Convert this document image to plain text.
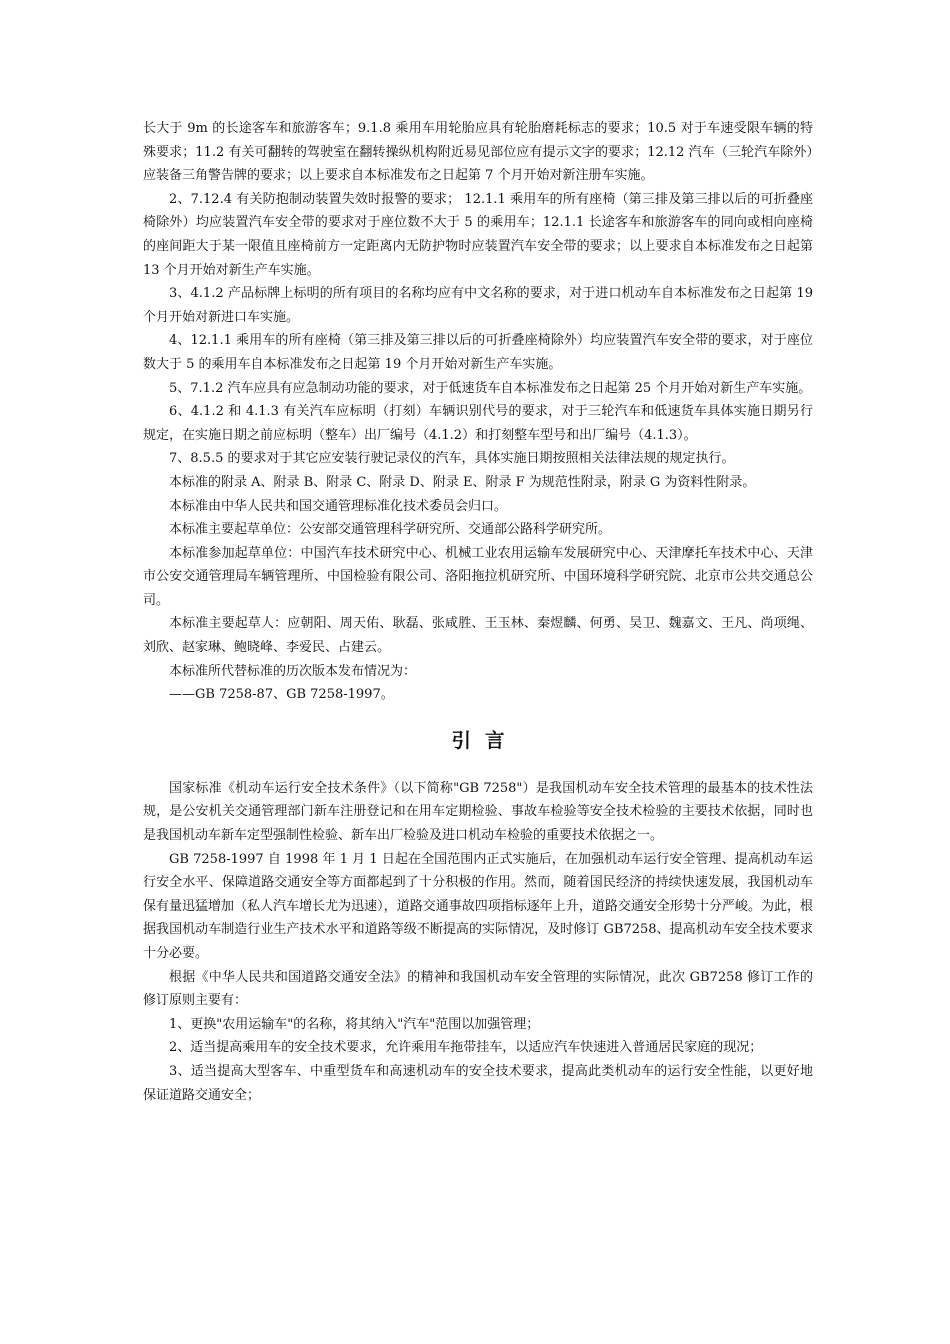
长大于 9m 的长途客车和旅游客车；9.1.8 乘用车用轮胎应具有轮胎磨耗标志的要求；10.5 对于车速受限车辆的特殊要求；11.2 有关可翻转的驾驶室在翻转操纵机构附近易见部位应有提示文字的要求；12.12 汽车（三轮汽车除外）应装备三角警告牌的要求；以上要求自本标准发布之日起第 7 个月开始对新注册车实施。

2、7.12.4 有关防抱制动装置失效时报警的要求； 12.1.1 乘用车的所有座椅（第三排及第三排以后的可折叠座椅除外）均应装置汽车安全带的要求对于座位数不大于 5 的乘用车；12.1.1 长途客车和旅游客车的同向或相向座椅的座间距大于某一限值且座椅前方一定距离内无防护物时应装置汽车安全带的要求；以上要求自本标准发布之日起第 13 个月开始对新生产车实施。

3、4.1.2 产品标牌上标明的所有项目的名称均应有中文名称的要求，对于进口机动车自本标准发布之日起第 19 个月开始对新进口车实施。

4、12.1.1 乘用车的所有座椅（第三排及第三排以后的可折叠座椅除外）均应装置汽车安全带的要求，对于座位数大于 5 的乘用车自本标准发布之日起第 19 个月开始对新生产车实施。

5、7.1.2 汽车应具有应急制动功能的要求，对于低速货车自本标准发布之日起第 25 个月开始对新生产车实施。

6、4.1.2 和 4.1.3 有关汽车应标明（打刻）车辆识别代号的要求，对于三轮汽车和低速货车具体实施日期另行规定，在实施日期之前应标明（整车）出厂编号（4.1.2）和打刻整车型号和出厂编号（4.1.3）。

7、8.5.5 的要求对于其它应安装行驶记录仪的汽车，具体实施日期按照相关法律法规的规定执行。

本标准的附录 A、附录 B、附录 C、附录 D、附录 E、附录 F 为规范性附录，附录 G 为资料性附录。

本标准由中华人民共和国交通管理标准化技术委员会归口。

本标准主要起草单位：公安部交通管理科学研究所、交通部公路科学研究所。

本标准参加起草单位：中国汽车技术研究中心、机械工业农用运输车发展研究中心、天津摩托车技术中心、天津市公安交通管理局车辆管理所、中国检验有限公司、洛阳拖拉机研究所、中国环境科学研究院、北京市公共交通总公司。

本标准主要起草人：应朝阳、周天佑、耿磊、张咸胜、王玉林、秦煜麟、何勇、吴卫、魏嘉文、王凡、尚项绳、刘欣、赵家琳、鲍晓峰、李爱民、占建云。

本标准所代替标准的历次版本发布情况为：

——GB 7258-87、GB 7258-1997。

引言

国家标准《机动车运行安全技术条件》（以下简称"GB 7258"）是我国机动车安全技术管理的最基本的技术性法规，是公安机关交通管理部门新车注册登记和在用车定期检验、事故车检验等安全技术检验的主要技术依据，同时也是我国机动车新车定型强制性检验、新车出厂检验及进口机动车检验的重要技术依据之一。

GB 7258-1997 自 1998 年 1 月 1 日起在全国范围内正式实施后，在加强机动车运行安全管理、提高机动车运行安全水平、保障道路交通安全等方面都起到了十分积极的作用。然而，随着国民经济的持续快速发展，我国机动车保有量迅猛增加（私人汽车增长尤为迅速），道路交通事故四项指标逐年上升，道路交通安全形势十分严峻。为此，根据我国机动车制造行业生产技术水平和道路等级不断提高的实际情况，及时修订 GB7258、提高机动车安全技术要求十分必要。

根据《中华人民共和国道路交通安全法》的精神和我国机动车安全管理的实际情况，此次 GB7258 修订工作的修订原则主要有：

1、更换"农用运输车"的名称，将其纳入"汽车"范围以加强管理；

2、适当提高乘用车的安全技术要求，允许乘用车拖带挂车，以适应汽车快速进入普通居民家庭的现况；

3、适当提高大型客车、中重型货车和高速机动车的安全技术要求，提高此类机动车的运行安全性能，以更好地保证道路交通安全；
